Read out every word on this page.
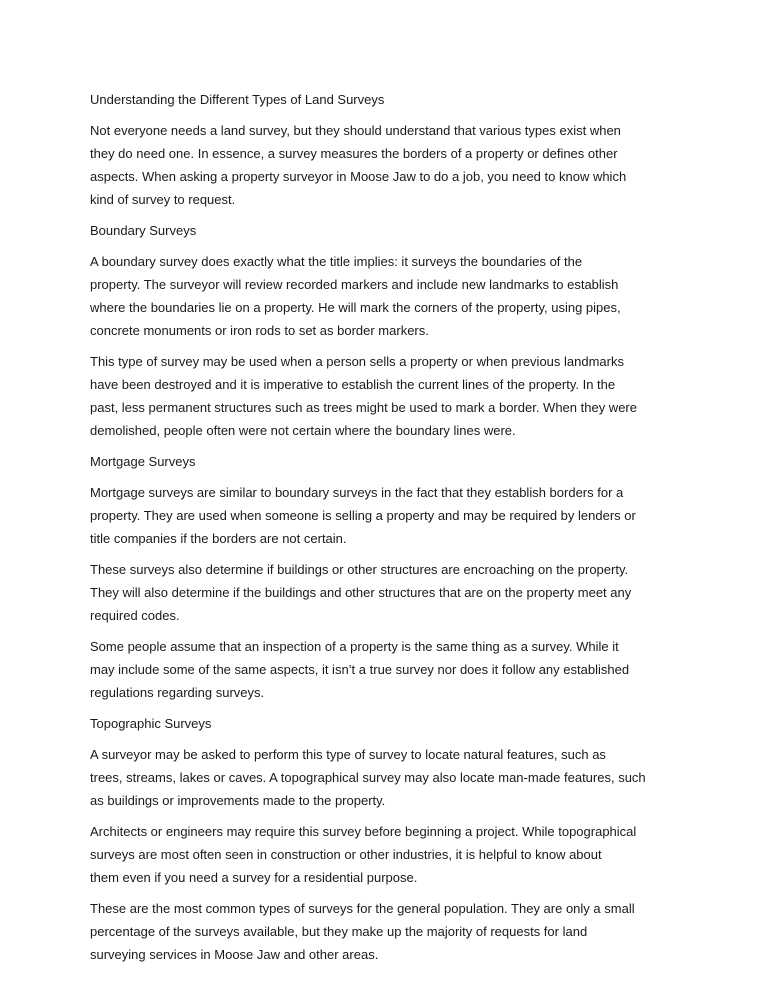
Understanding the Different Types of Land Surveys
Not everyone needs a land survey, but they should understand that various types exist when
they do need one. In essence, a survey measures the borders of a property or defines other
aspects. When asking a property surveyor in Moose Jaw to do a job, you need to know which
kind of survey to request.
Boundary Surveys
A boundary survey does exactly what the title implies: it surveys the boundaries of the
property. The surveyor will review recorded markers and include new landmarks to establish
where the boundaries lie on a property. He will mark the corners of the property, using pipes,
concrete monuments or iron rods to set as border markers.
This type of survey may be used when a person sells a property or when previous landmarks
have been destroyed and it is imperative to establish the current lines of the property. In the
past, less permanent structures such as trees might be used to mark a border. When they were
demolished, people often were not certain where the boundary lines were.
Mortgage Surveys
Mortgage surveys are similar to boundary surveys in the fact that they establish borders for a
property. They are used when someone is selling a property and may be required by lenders or
title companies if the borders are not certain.
These surveys also determine if buildings or other structures are encroaching on the property.
They will also determine if the buildings and other structures that are on the property meet any
required codes.
Some people assume that an inspection of a property is the same thing as a survey. While it
may include some of the same aspects, it isn’t a true survey nor does it follow any established
regulations regarding surveys.
Topographic Surveys
A surveyor may be asked to perform this type of survey to locate natural features, such as
trees, streams, lakes or caves. A topographical survey may also locate man-made features, such
as buildings or improvements made to the property.
Architects or engineers may require this survey before beginning a project. While topographical
surveys are most often seen in construction or other industries, it is helpful to know about
them even if you need a survey for a residential purpose.
These are the most common types of surveys for the general population. They are only a small
percentage of the surveys available, but they make up the majority of requests for land
surveying services in Moose Jaw and other areas.
